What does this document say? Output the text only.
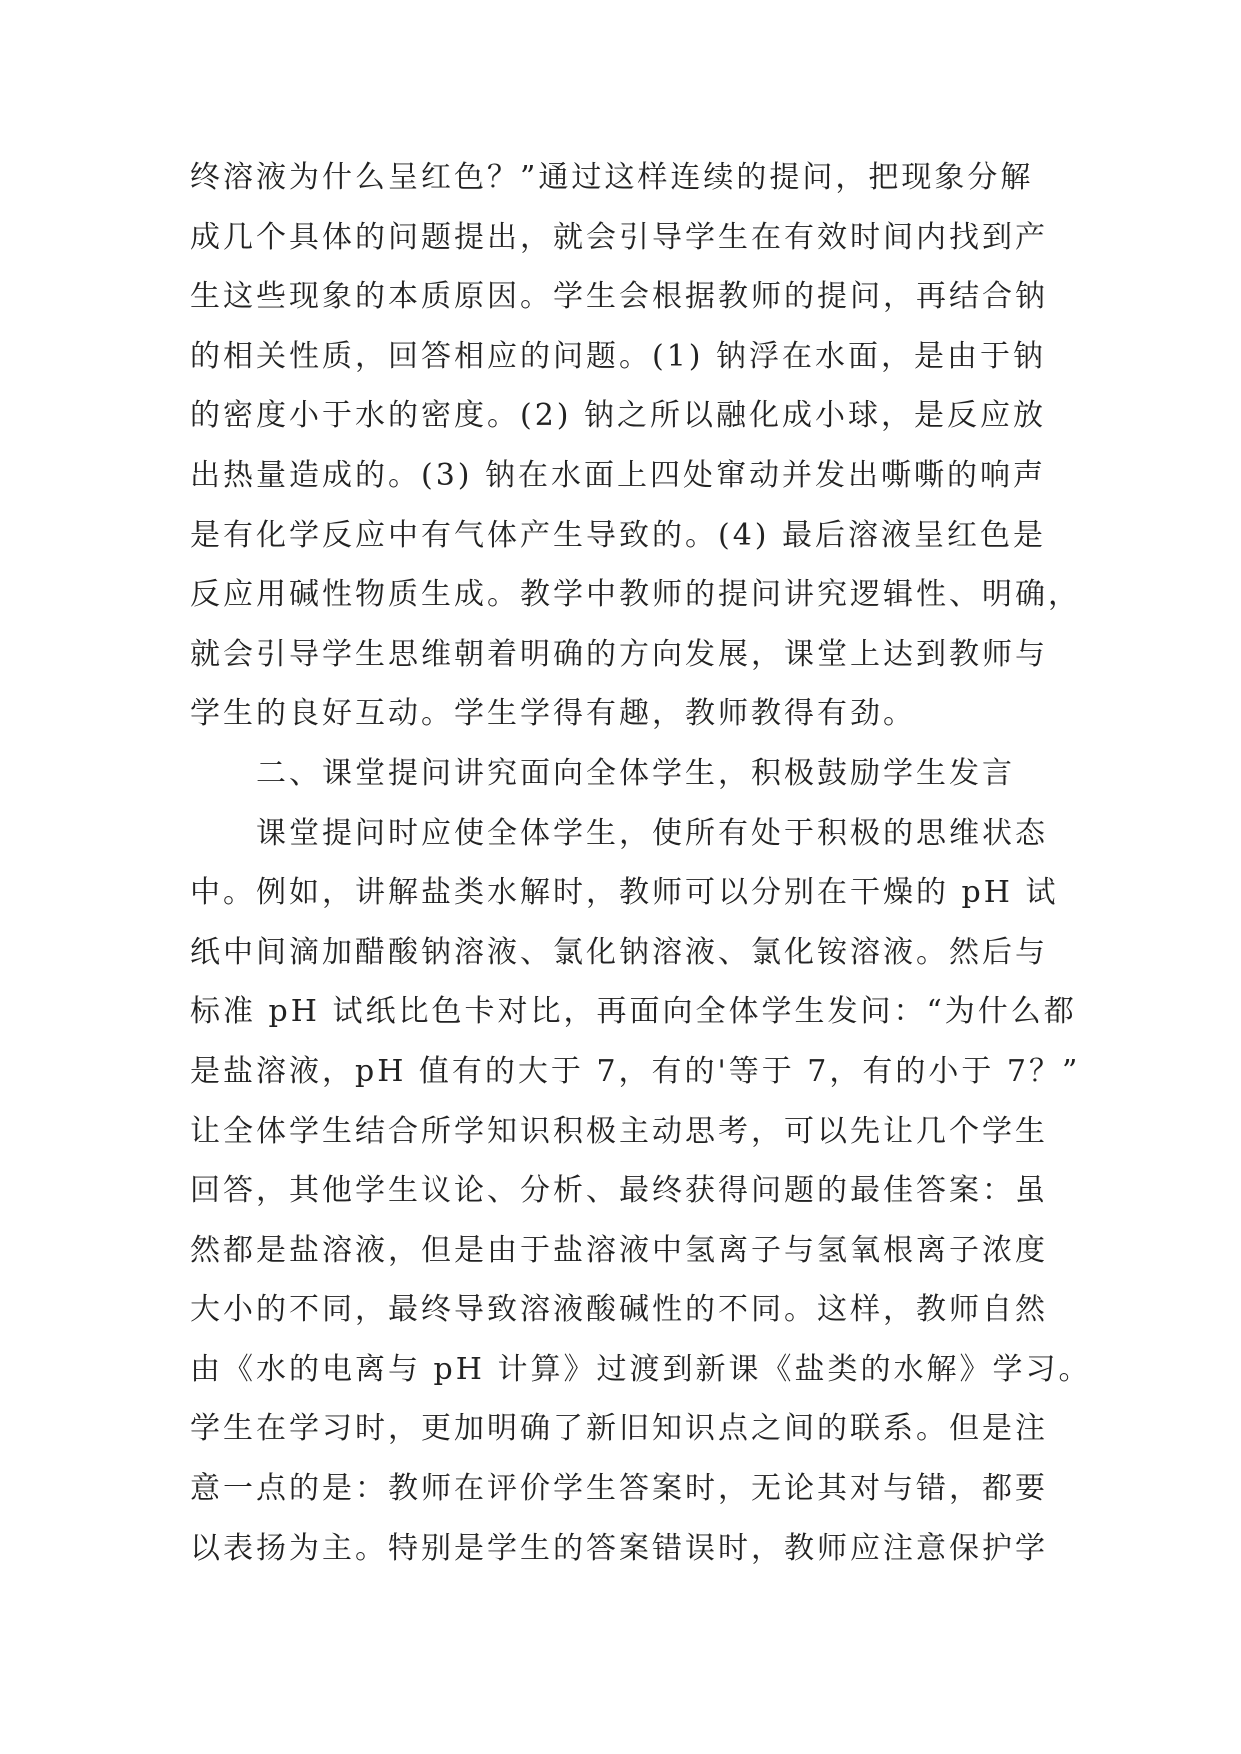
终溶液为什么呈红色？”通过这样连续的提问，把现象分解
成几个具体的问题提出，就会引导学生在有效时间内找到产
生这些现象的本质原因。学生会根据教师的提问，再结合钠
的相关性质，回答相应的问题。(1) 钠浮在水面，是由于钠
的密度小于水的密度。(2) 钠之所以融化成小球，是反应放
出热量造成的。(3) 钠在水面上四处窜动并发出嘶嘶的响声
是有化学反应中有气体产生导致的。(4) 最后溶液呈红色是
反应用碱性物质生成。教学中教师的提问讲究逻辑性、明确，
就会引导学生思维朝着明确的方向发展，课堂上达到教师与
学生的良好互动。学生学得有趣，教师教得有劲。
二、课堂提问讲究面向全体学生，积极鼓励学生发言
课堂提问时应使全体学生，使所有处于积极的思维状态
中。例如，讲解盐类水解时，教师可以分别在干燥的 pH 试
纸中间滴加醋酸钠溶液、氯化钠溶液、氯化铵溶液。然后与
标准 pH 试纸比色卡对比，再面向全体学生发问：“为什么都
是盐溶液，pH 值有的大于 7，有的'等于 7，有的小于 7？”
让全体学生结合所学知识积极主动思考，可以先让几个学生
回答，其他学生议论、分析、最终获得问题的最佳答案：虽
然都是盐溶液，但是由于盐溶液中氢离子与氢氧根离子浓度
大小的不同，最终导致溶液酸碱性的不同。这样，教师自然
由《水的电离与 pH 计算》过渡到新课《盐类的水解》学习。
学生在学习时，更加明确了新旧知识点之间的联系。但是注
意一点的是：教师在评价学生答案时，无论其对与错，都要
以表扬为主。特别是学生的答案错误时，教师应注意保护学
